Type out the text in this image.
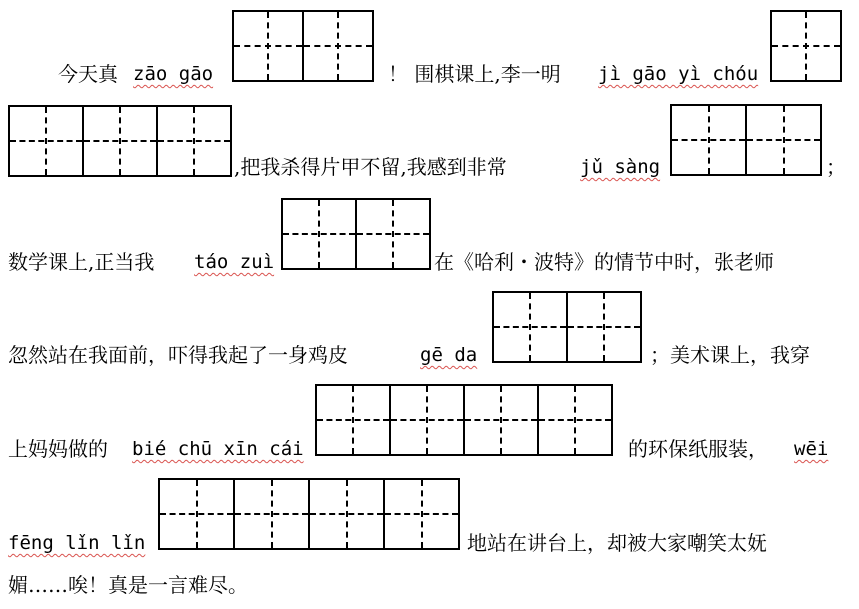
今天真 zāo gāo	！ 围棋课上,李一明 jì gāo yì chóu
,把我杀得片甲不留,我感到非常	jǔ sàng	；
数学课上,正当我 táo zuì	在《哈利・波特》的情节中时，张老师
忽然站在我面前，吓得我起了一身鸡皮	gē da	；美术课上，我穿
上妈妈做的 bié chū xīn cái	的环保纸服装， wēi
fēng lǐn lǐn	地站在讲台上，却被大家嘲笑太妩
媚……唉！真是一言难尽。
